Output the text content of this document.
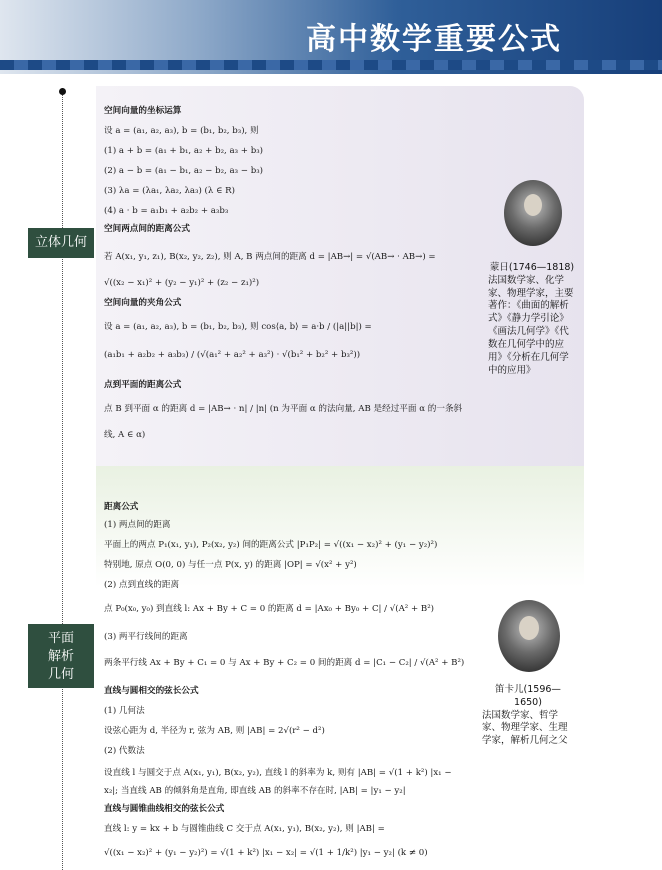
高中数学重要公式
立体几何
平面
解析
几何
空间向量的坐标运算
设 a = (a₁, a₂, a₃), b = (b₁, b₂, b₃), 则
(1) a + b = (a₁ + b₁, a₂ + b₂, a₃ + b₃)
(2) a − b = (a₁ − b₁, a₂ − b₂, a₃ − b₃)
(3) λa = (λa₁, λa₂, λa₃) (λ ∈ R)
(4) a · b = a₁b₁ + a₂b₂ + a₃b₃
空间两点间的距离公式
若 A(x₁, y₁, z₁), B(x₂, y₂, z₂), 则 A, B 两点间的距离 d = |AB→| = √(AB→ · AB→) =
√((x₂ − x₁)² + (y₂ − y₁)² + (z₂ − z₁)²)
空间向量的夹角公式
设 a = (a₁, a₂, a₃), b = (b₁, b₂, b₃), 则 cos⟨a, b⟩ = a·b / (|a||b|) =
(a₁b₁ + a₂b₂ + a₃b₃) / (√(a₁² + a₂² + a₃²) · √(b₁² + b₂² + b₃²))
点到平面的距离公式
点 B 到平面 α 的距离 d = |AB→ · n| / |n| (n 为平面 α 的法向量, AB 是经过平面 α 的一条斜
线, A ∈ α)
蒙日(1746—1818)
法国数学家、化学
家、物理学家，主要
著作：《曲面的解析
式》《静力学引论》
《画法几何学》《代
数在几何学中的应
用》《分析在几何学
中的应用》
距离公式
(1) 两点间的距离
平面上的两点 P₁(x₁, y₁), P₂(x₂, y₂) 间的距离公式 |P₁P₂| = √((x₁ − x₂)² + (y₁ − y₂)²)
特别地, 原点 O(0, 0) 与任一点 P(x, y) 的距离 |OP| = √(x² + y²)
(2) 点到直线的距离
点 P₀(x₀, y₀) 到直线 l: Ax + By + C = 0 的距离 d = |Ax₀ + By₀ + C| / √(A² + B²)
(3) 两平行线间的距离
两条平行线 Ax + By + C₁ = 0 与 Ax + By + C₂ = 0 间的距离 d = |C₁ − C₂| / √(A² + B²)
直线与圆相交的弦长公式
(1) 几何法
设弦心距为 d, 半径为 r, 弦为 AB, 则 |AB| = 2√(r² − d²)
(2) 代数法
设直线 l 与圆交于点 A(x₁, y₁), B(x₂, y₂), 直线 l 的斜率为 k, 则有 |AB| = √(1 + k²) |x₁ −
x₂|; 当直线 AB 的倾斜角是直角, 即直线 AB 的斜率不存在时, |AB| = |y₁ − y₂|
直线与圆锥曲线相交的弦长公式
直线 l: y = kx + b 与圆锥曲线 C 交于点 A(x₁, y₁), B(x₂, y₂), 则 |AB| =
√((x₁ − x₂)² + (y₁ − y₂)²) = √(1 + k²) |x₁ − x₂| = √(1 + 1/k²) |y₁ − y₂| (k ≠ 0)
笛卡儿(1596—1650)
法国数学家、哲学
家、物理学家、生理
学家，解析几何之父
